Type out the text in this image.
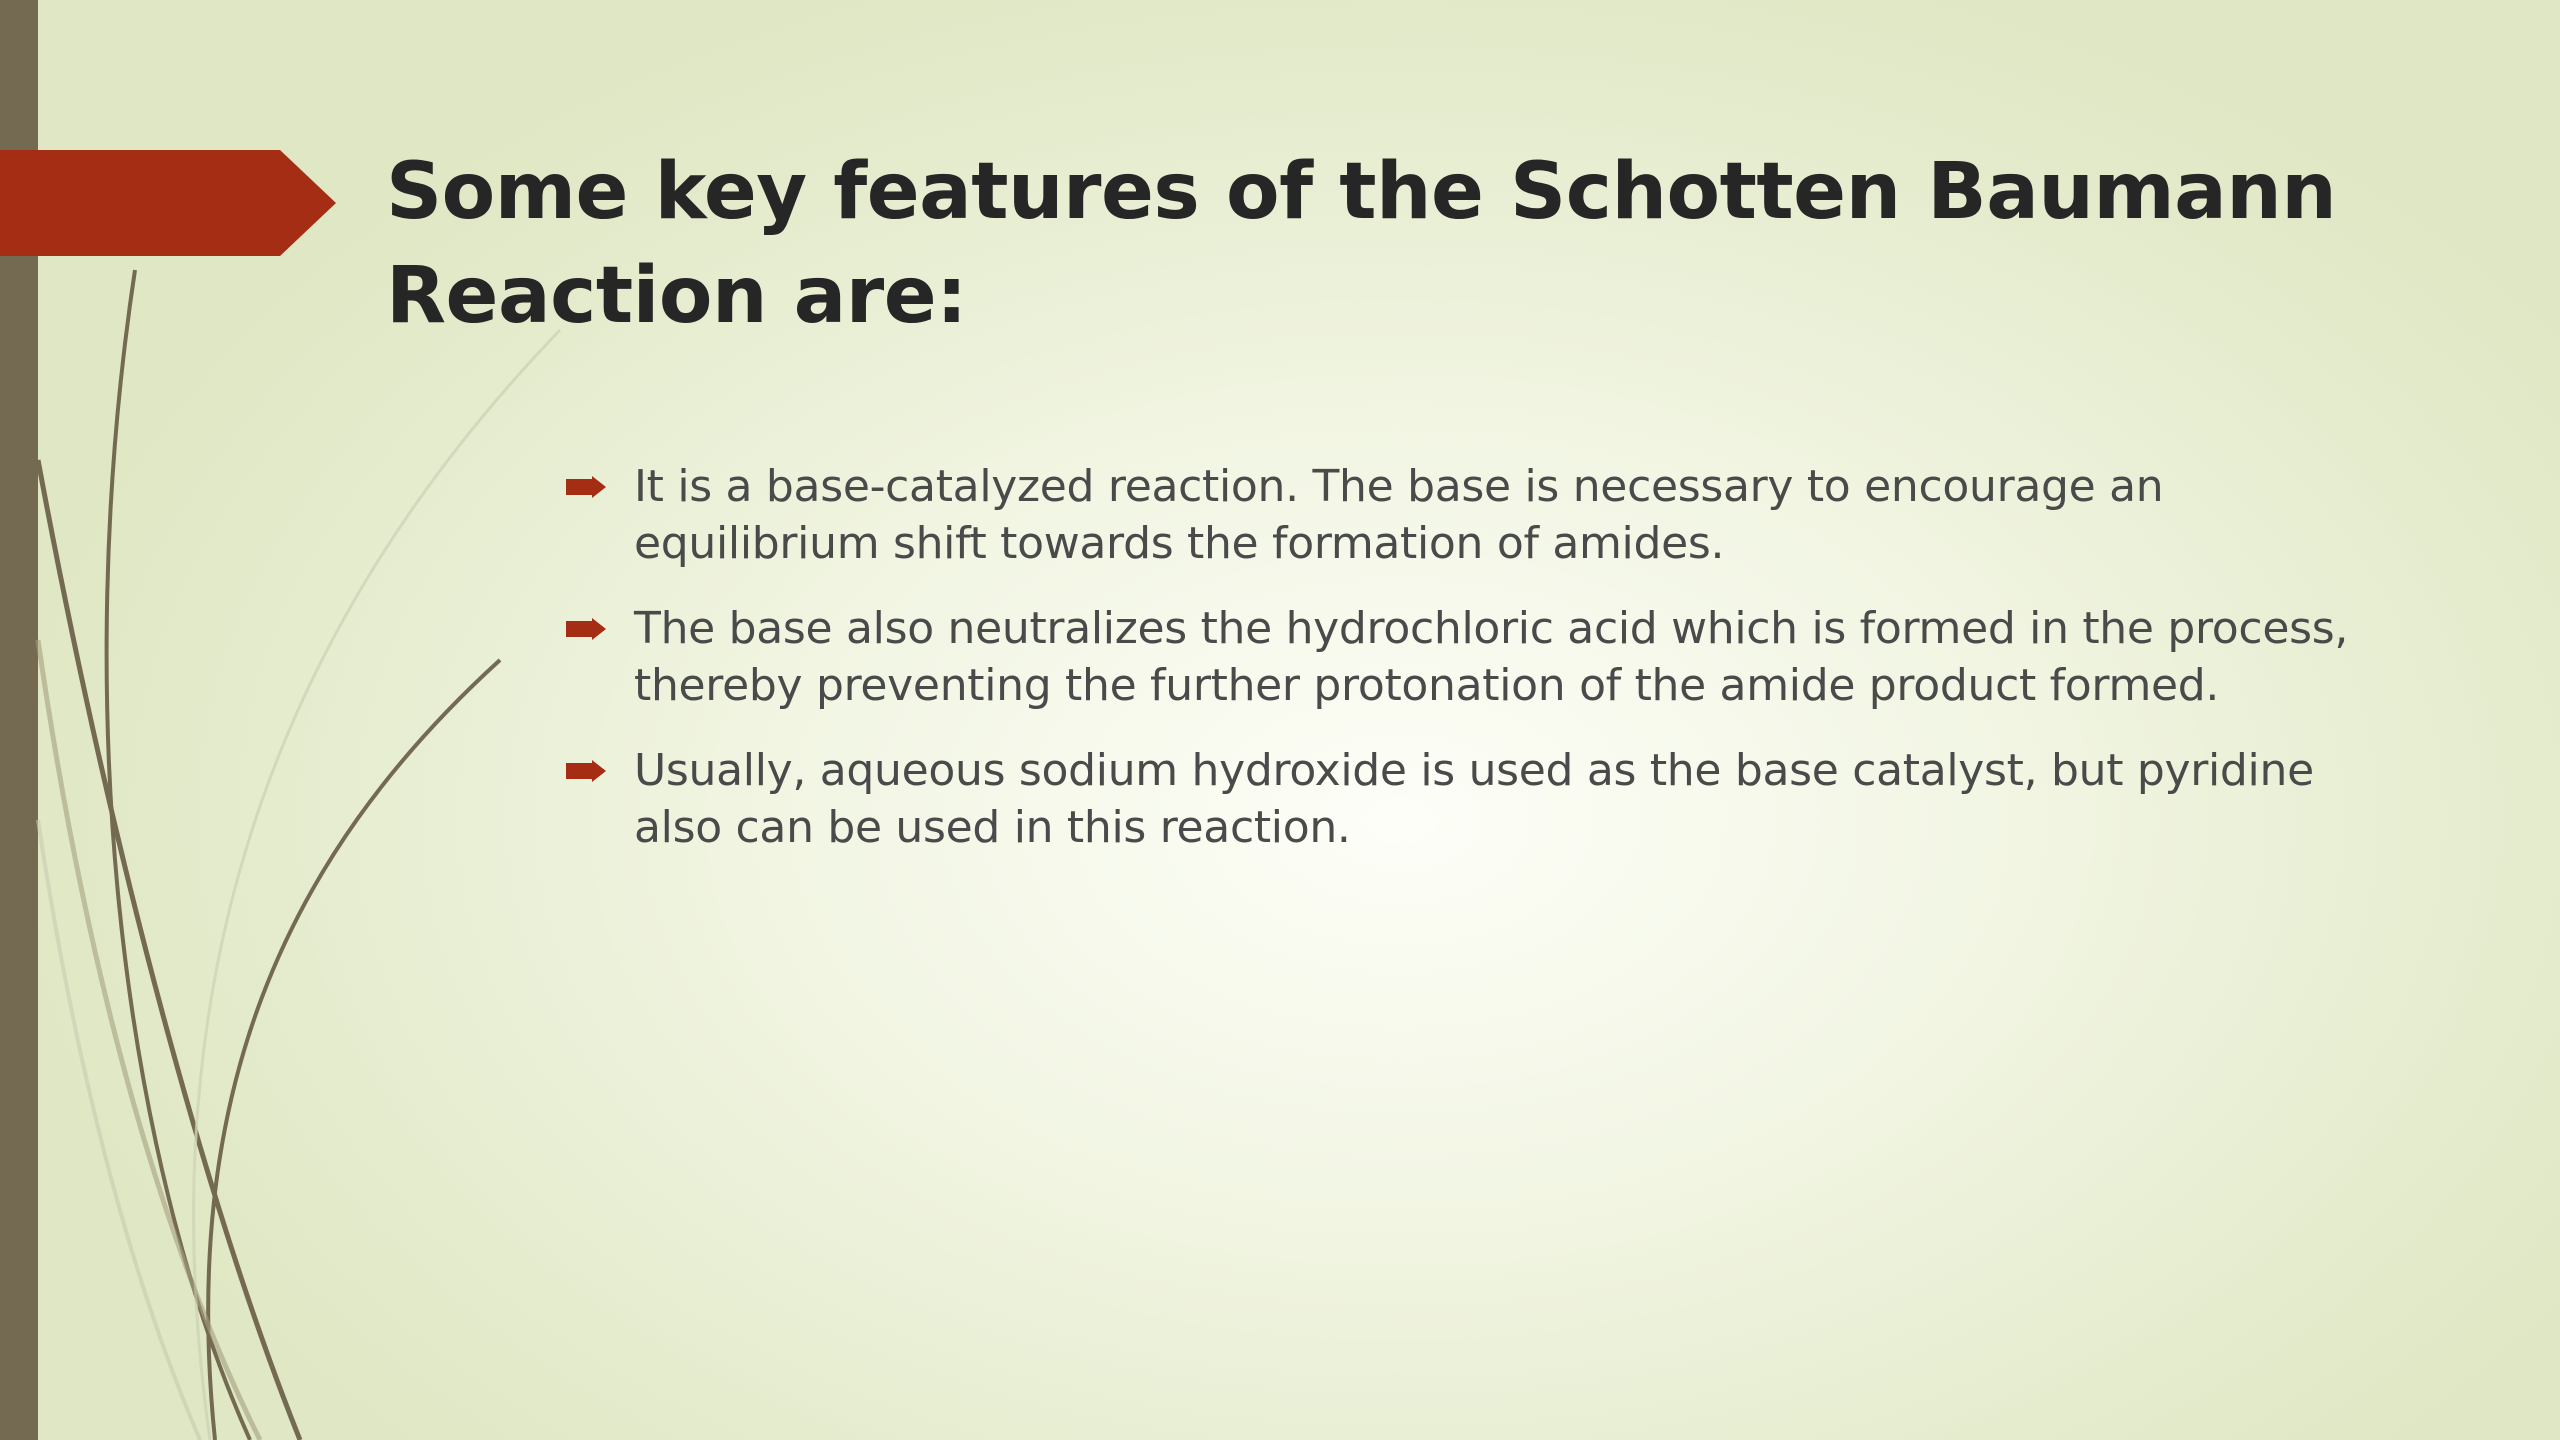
Some key features of the Schotten Baumann Reaction are:
It is a base-catalyzed reaction. The base is necessary to encourage an equilibrium shift towards the formation of amides.
The base also neutralizes the hydrochloric acid which is formed in the process, thereby preventing the further protonation of the amide product formed.
Usually, aqueous sodium hydroxide is used as the base catalyst, but pyridine also can be used in this reaction.
